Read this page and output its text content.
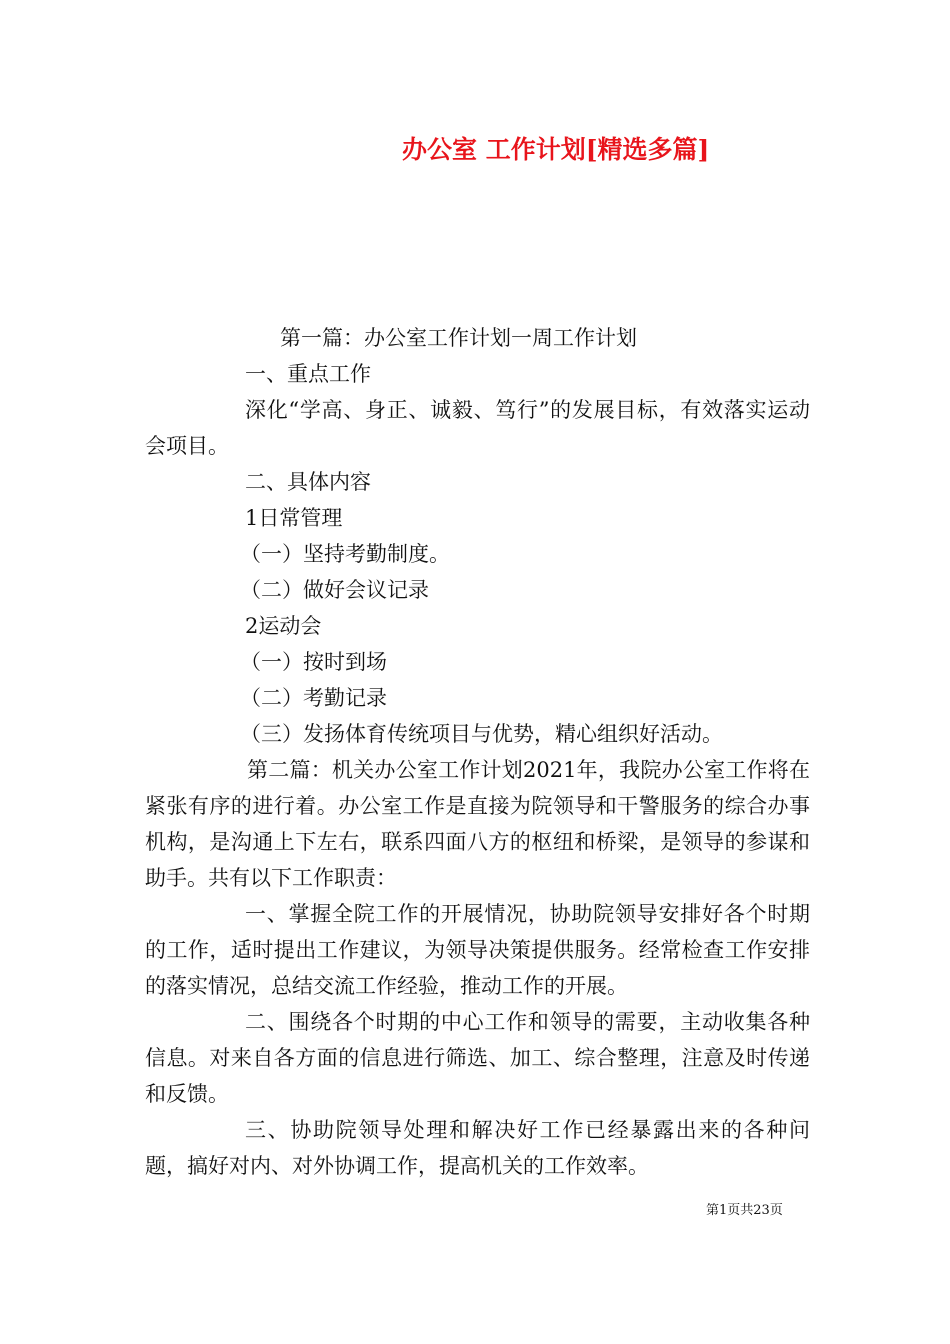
办公室 工作计划[精选多篇]
第一篇：办公室工作计划一周工作计划
一、重点工作
深化“学高、身正、诚毅、笃行”的发展目标，有效落实运动会项目。
二、具体内容
1日常管理
（一）坚持考勤制度。
（二）做好会议记录
2运动会
（一）按时到场
（二）考勤记录
（三）发扬体育传统项目与优势，精心组织好活动。
第二篇：机关办公室工作计划2021年，我院办公室工作将在紧张有序的进行着。办公室工作是直接为院领导和干警服务的综合办事机构，是沟通上下左右，联系四面八方的枢纽和桥梁，是领导的参谋和助手。共有以下工作职责：
一、掌握全院工作的开展情况，协助院领导安排好各个时期的工作，适时提出工作建议，为领导决策提供服务。经常检查工作安排的落实情况，总结交流工作经验，推动工作的开展。
二、围绕各个时期的中心工作和领导的需要，主动收集各种信息。对来自各方面的信息进行筛选、加工、综合整理，注意及时传递和反馈。
三、协助院领导处理和解决好工作已经暴露出来的各种问题，搞好对内、对外协调工作，提高机关的工作效率。
第1页共23页
